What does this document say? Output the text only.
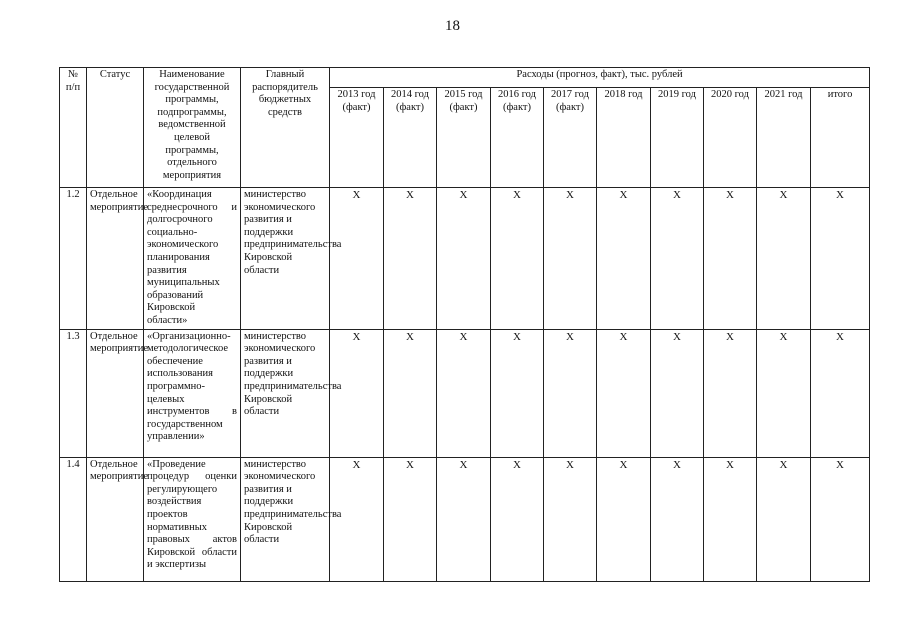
18
№ п/п	Статус	Наименование государственной программы, подпрограммы, ведомственной целевой программы, отдельного мероприятия	Главный распорядитель бюджетных средств	Расходы (прогноз, факт), тыс. рублей									
				2013 год (факт)	2014 год (факт)	2015 год (факт)	2016 год (факт)	2017 год (факт)	2018 год	2019 год	2020 год	2021 год	итого
1.2	Отдельное мероприятие	«Координация среднесрочного и долгосрочного социально-экономического планирования развития муниципальных образований Кировской области»	министерство экономического развития и поддержки предпринимательства Кировской области	Х	Х	Х	Х	Х	Х	Х	Х	Х	Х
1.3	Отдельное мероприятие	«Организационно-методологическое обеспечение использования программно-целевых инструментов в государственном управлении»	министерство экономического развития и поддержки предпринимательства Кировской области	Х	Х	Х	Х	Х	Х	Х	Х	Х	Х
1.4	Отдельное мероприятие	«Проведение процедур оценки регулирующего воздействия проектов нормативных правовых актов Кировской области и экспертизы	министерство экономического развития и поддержки предпринимательства Кировской области	Х	Х	Х	Х	Х	Х	Х	Х	Х	Х
